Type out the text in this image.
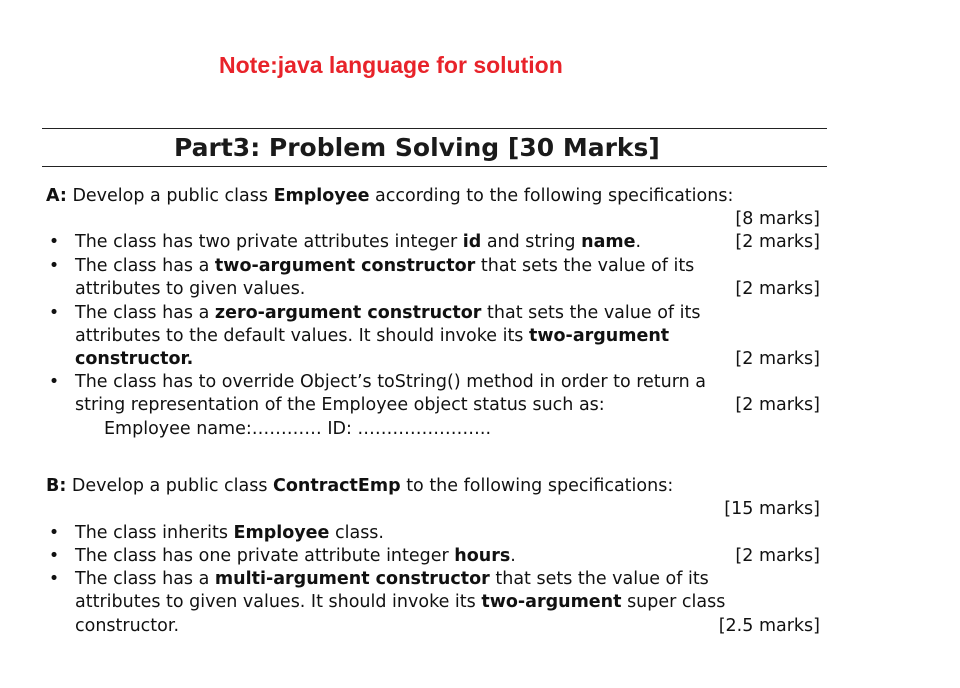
Note:java language for solution
Part3: Problem Solving [30 Marks]
A: Develop a public class Employee according to the following specifications:
[8 marks]
• The class has two private attributes integer id and string name.	[2 marks]
• The class has a two-argument constructor that sets the value of its
attributes to given values.	[2 marks]
• The class has a zero-argument constructor that sets the value of its
attributes to the default values. It should invoke its two-argument
constructor.	[2 marks]
• The class has to override Object’s toString() method in order to return a
string representation of the Employee object status such as:	[2 marks]
Employee name:………… ID: …………………..
B: Develop a public class ContractEmp to the following specifications:
[15 marks]
• The class inherits Employee class.
• The class has one private attribute integer hours.	[2 marks]
• The class has a multi-argument constructor that sets the value of its
attributes to given values. It should invoke its two-argument super class
constructor.	[2.5 marks]
